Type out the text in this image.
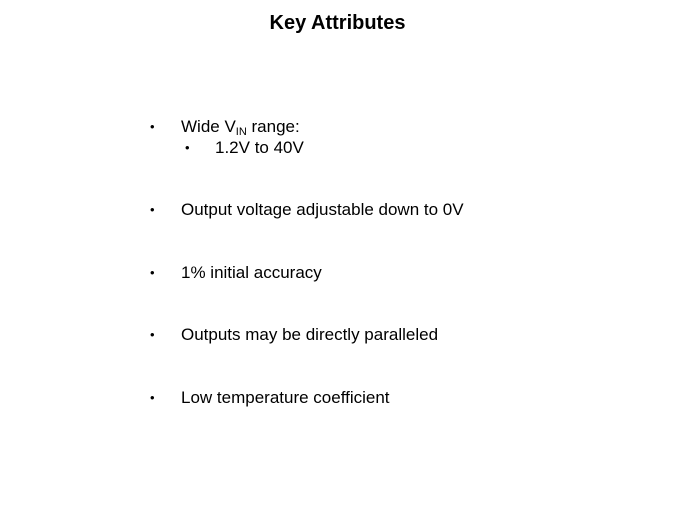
Key Attributes
• Wide $V_{IN}$ range:
• 1.2V to 40V
• Output voltage adjustable down to 0V
• 1% initial accuracy
• Outputs may be directly paralleled
• Low temperature coefficient
